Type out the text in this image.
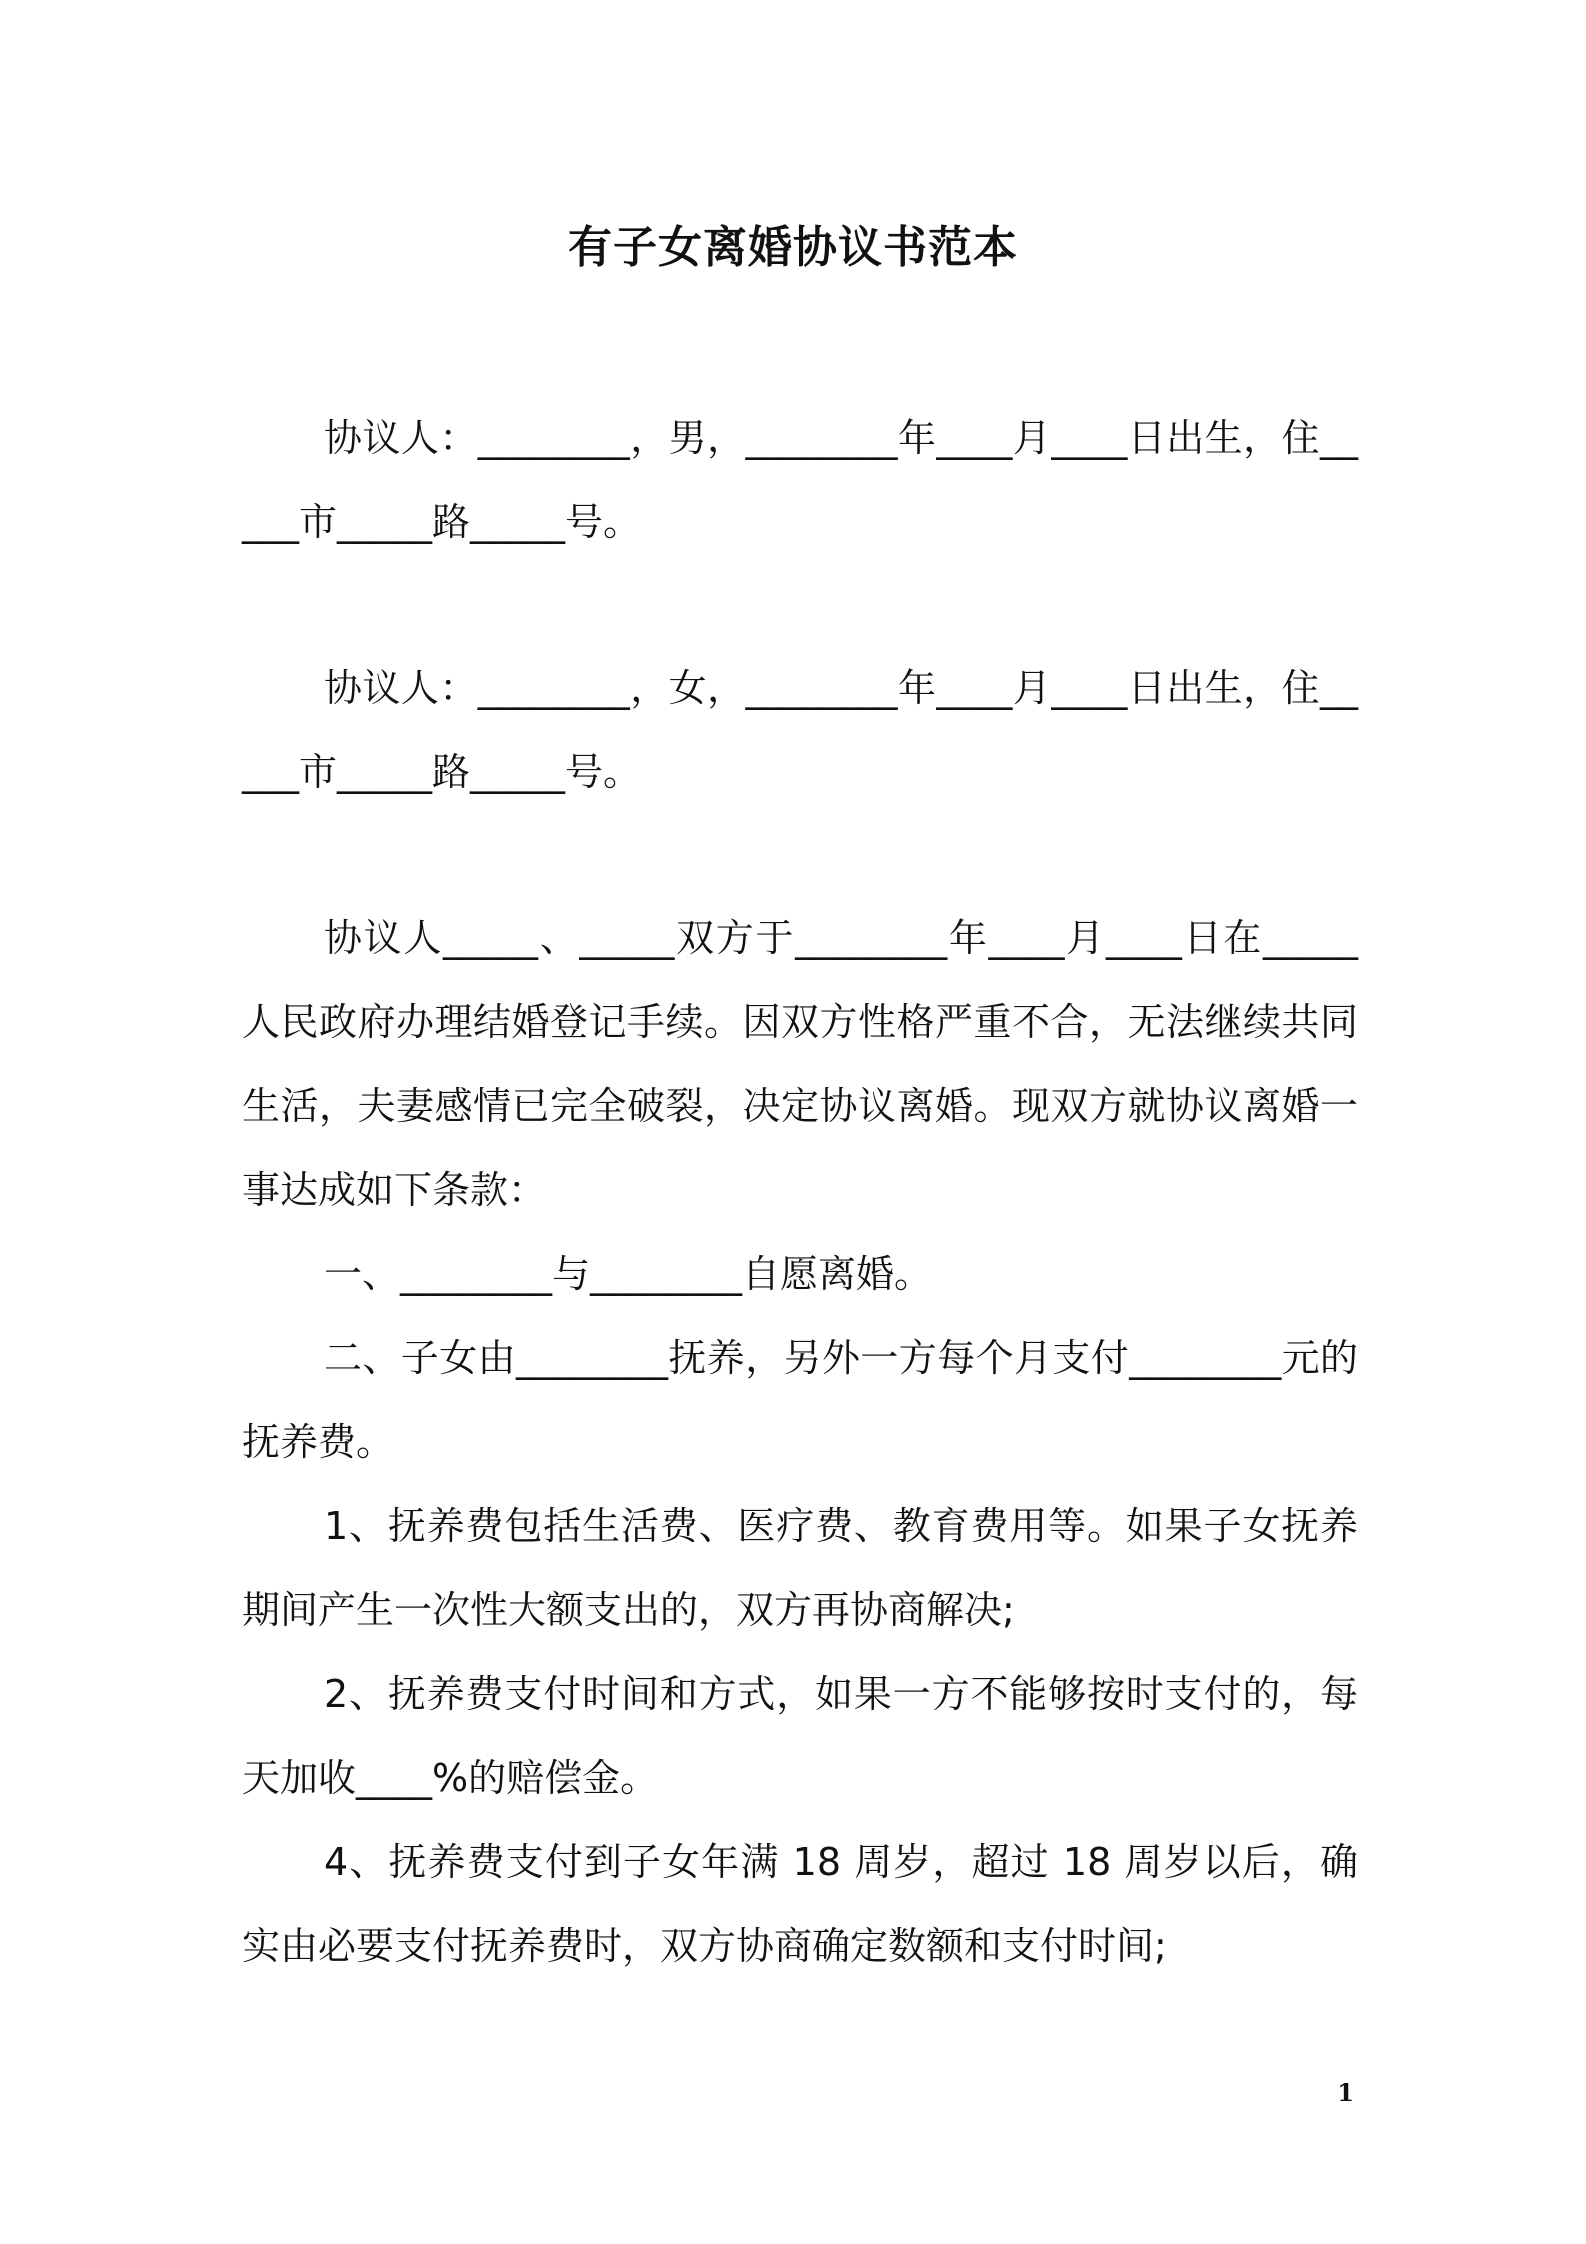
有子女离婚协议书范本

协议人：________，男，________年____月____日出生，住_____市_____路_____号。

协议人：________，女，________年____月____日出生，住_____市_____路_____号。

协议人_____、_____双方于________年____月____日在_____人民政府办理结婚登记手续。因双方性格严重不合，无法继续共同生活，夫妻感情已完全破裂，决定协议离婚。现双方就协议离婚一事达成如下条款：

一、________与________自愿离婚。

二、子女由________抚养，另外一方每个月支付________元的抚养费。

1、抚养费包括生活费、医疗费、教育费用等。如果子女抚养期间产生一次性大额支出的，双方再协商解决;

2、抚养费支付时间和方式，如果一方不能够按时支付的，每天加收____%的赔偿金。

4、抚养费支付到子女年满 18 周岁，超过 18 周岁以后，确实由必要支付抚养费时，双方协商确定数额和支付时间;

1
